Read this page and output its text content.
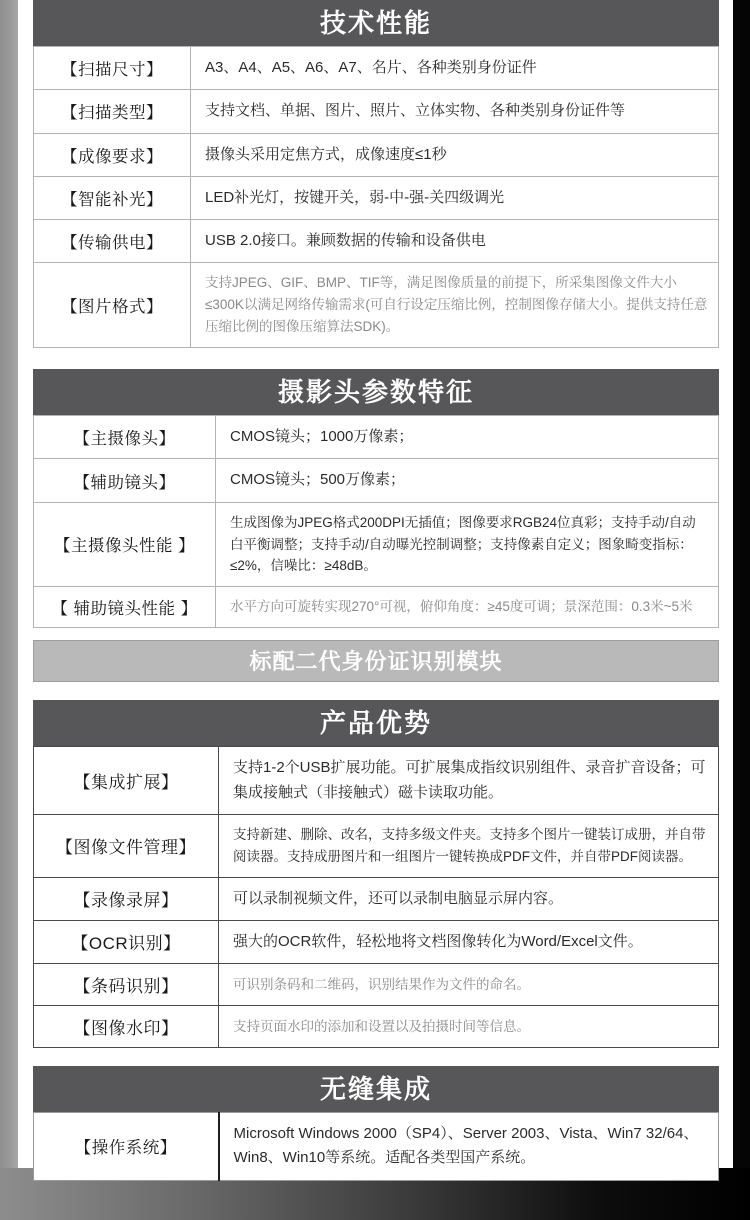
技术性能
【扫描尺寸】	A3、A4、A5、A6、A7、名片、各种类别身份证件
【扫描类型】	支持文档、单据、图片、照片、立体实物、各种类别身份证件等
【成像要求】	摄像头采用定焦方式，成像速度≤1秒
【智能补光】	LED补光灯，按键开关，弱-中-强-关四级调光
【传输供电】	USB 2.0接口。兼顾数据的传输和设备供电
【图片格式】	支持JPEG、GIF、BMP、TIF等，满足图像质量的前提下，所采集图像文件大小≤300K以满足网络传输需求(可自行设定压缩比例，控制图像存储大小。提供支持任意压缩比例的图像压缩算法SDK)。
摄影头参数特征
【主摄像头】	CMOS镜头；1000万像素；
【辅助镜头】	CMOS镜头；500万像素；
【主摄像头性能 】	生成图像为JPEG格式200DPI无插值；图像要求RGB24位真彩；支持手动/自动白平衡调整；支持手动/自动曝光控制调整；支持像素自定义；图象畸变指标：≤2%，信噪比：≥48dB。
【 辅助镜头性能 】	水平方向可旋转实现270°可视，俯仰角度：≥45度可调；景深范围：0.3米~5米
标配二代身份证识别模块
产品优势
【集成扩展】	支持1-2个USB扩展功能。可扩展集成指纹识别组件、录音扩音设备；可集成接触式（非接触式）磁卡读取功能。
【图像文件管理】	支持新建、删除、改名，支持多级文件夹。支持多个图片一键装订成册，并自带阅读器。支持成册图片和一组图片一键转换成PDF文件，并自带PDF阅读器。
【录像录屏】	可以录制视频文件，还可以录制电脑显示屏内容。
【OCR识别】	强大的OCR软件，轻松地将文档图像转化为Word/Excel文件。
【条码识别】	可识别条码和二维码，识别结果作为文件的命名。
【图像水印】	支持页面水印的添加和设置以及拍摄时间等信息。
无缝集成
【操作系统】	Microsoft Windows 2000（SP4）、Server 2003、Vista、Win7 32/64、Win8、Win10等系统。适配各类型国产系统。
